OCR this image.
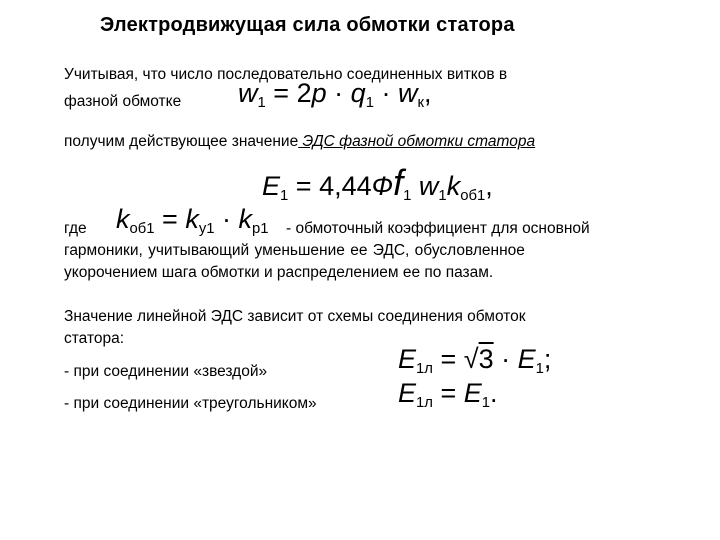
Электродвижущая сила обмотки статора
Учитывая, что число последовательно соединенных витков в
фазной обмотке $w_1 = 2p \cdot q_1 \cdot w_к$,
получим действующее значение ЭДС фазной обмотки статора
$E_1 = 4,44Фf_1$ $w_1k_{об1}$,
где $k_{об1} = k_{у1} \cdot k_{р1}$ - обмоточный коэффициент для основной
гармоники, учитывающий уменьшение ее ЭДС, обусловленное
укорочением шага обмотки и распределением ее по пазам.
Значение линейной ЭДС зависит от схемы соединения обмоток
статора:
- при соединении «звездой»	$E_{1л} = √3 \cdot E_1$;
- при соединении «треугольником»	$E_{1л} = E_1$.
